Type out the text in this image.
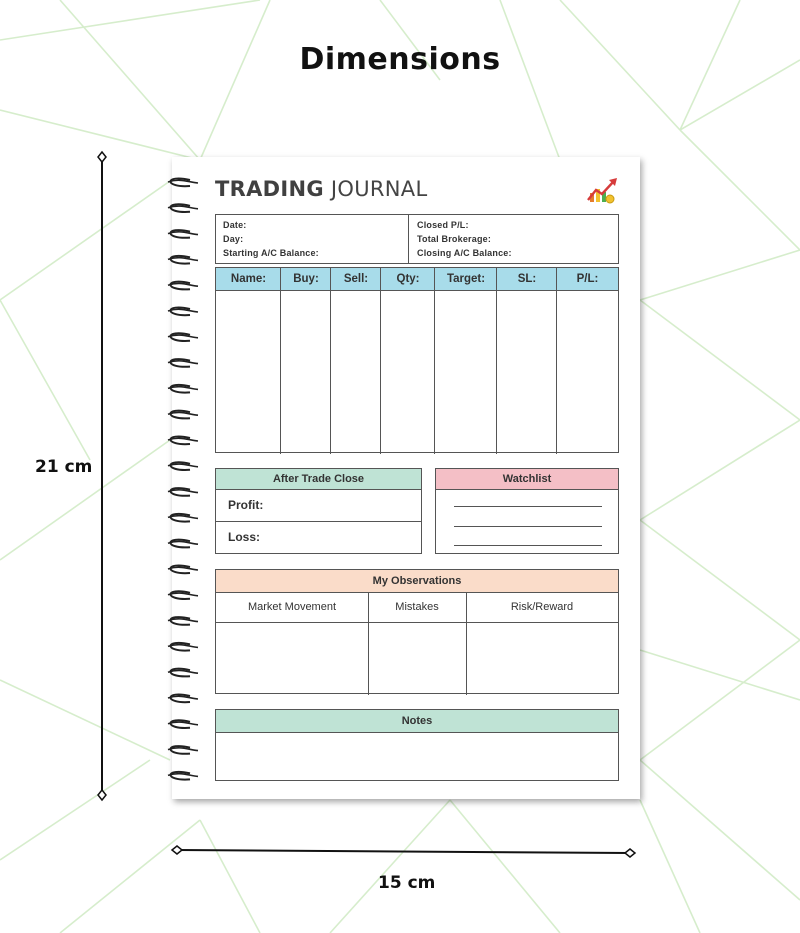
Dimensions
21 cm
15 cm
TRADING JOURNAL
Date:
Day:
Starting A/C Balance:
Closed P/L:
Total Brokerage:
Closing A/C Balance:
Name:	Buy:	Sell:	Qty:	Target:	SL:	P/L:
After Trade Close
Profit:
Loss:
Watchlist
My Observations
Market Movement	Mistakes	Risk/Reward
Notes
